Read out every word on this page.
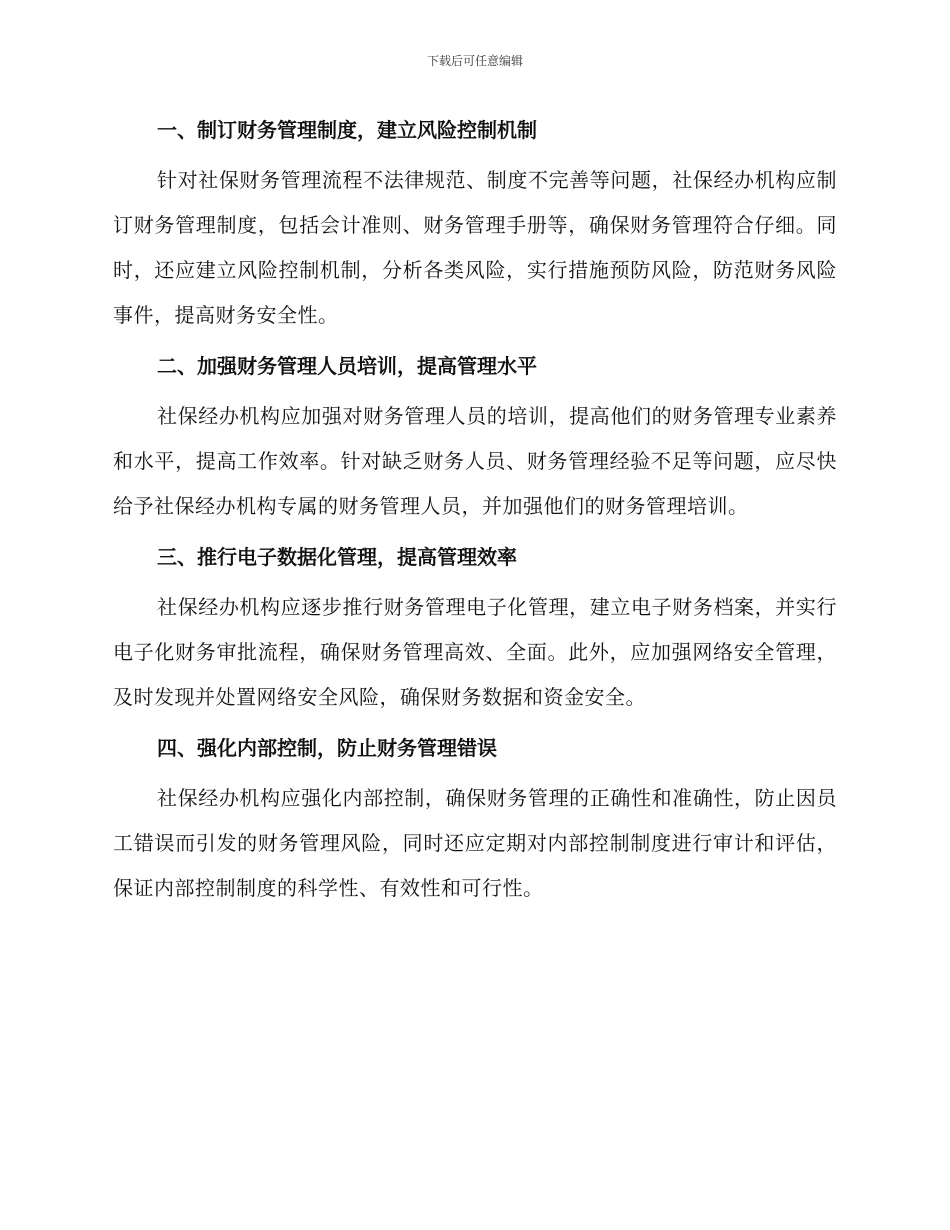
下载后可任意编辑
一、制订财务管理制度，建立风险控制机制

针对社保财务管理流程不法律规范、制度不完善等问题，社保经办机构应制订财务管理制度，包括会计准则、财务管理手册等，确保财务管理符合仔细。同时，还应建立风险控制机制，分析各类风险，实行措施预防风险，防范财务风险事件，提高财务安全性。

二、加强财务管理人员培训，提高管理水平

社保经办机构应加强对财务管理人员的培训，提高他们的财务管理专业素养和水平，提高工作效率。针对缺乏财务人员、财务管理经验不足等问题，应尽快给予社保经办机构专属的财务管理人员，并加强他们的财务管理培训。

三、推行电子数据化管理，提高管理效率

社保经办机构应逐步推行财务管理电子化管理，建立电子财务档案，并实行电子化财务审批流程，确保财务管理高效、全面。此外，应加强网络安全管理，及时发现并处置网络安全风险，确保财务数据和资金安全。

四、强化内部控制，防止财务管理错误

社保经办机构应强化内部控制，确保财务管理的正确性和准确性，防止因员工错误而引发的财务管理风险，同时还应定期对内部控制制度进行审计和评估，保证内部控制制度的科学性、有效性和可行性。
